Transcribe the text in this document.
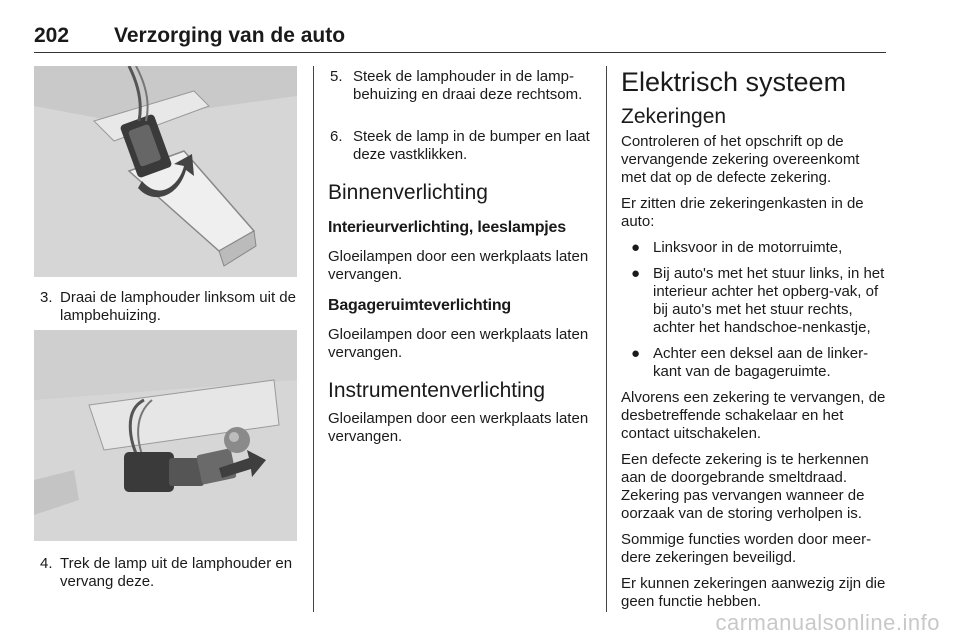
202 Verzorging van de auto
3. Draai de lamphouder linksom uit de lampbehuizing.
4. Trek de lamp uit de lamphouder en vervang deze.
5. Steek de lamphouder in de lamp-behuizing en draai deze rechtsom.
6. Steek de lamp in de bumper en laat deze vastklikken.
Binnenverlichting
Interieurverlichting, leeslampjes

Gloeilampen door een werkplaats laten vervangen.

Bagageruimteverlichting

Gloeilampen door een werkplaats laten vervangen.

Instrumentenverlichting

Gloeilampen door een werkplaats laten vervangen.

Elektrisch systeem
Zekeringen

Controleren of het opschrift op de vervangende zekering overeenkomt met dat op de defecte zekering.

Er zitten drie zekeringenkasten in de auto:

● Linksvoor in de motorruimte,
● Bij auto's met het stuur links, in het interieur achter het opberg-vak, of bij auto's met het stuur rechts, achter het handschoe-nenkastje,
● Achter een deksel aan de linker-kant van de bagageruimte.

Alvorens een zekering te vervangen, de desbetreffende schakelaar en het contact uitschakelen.

Een defecte zekering is te herkennen aan de doorgebrande smeltdraad. Zekering pas vervangen wanneer de oorzaak van de storing verholpen is.

Sommige functies worden door meer-dere zekeringen beveiligd.

Er kunnen zekeringen aanwezig zijn die geen functie hebben.

carmanualsonline.info
